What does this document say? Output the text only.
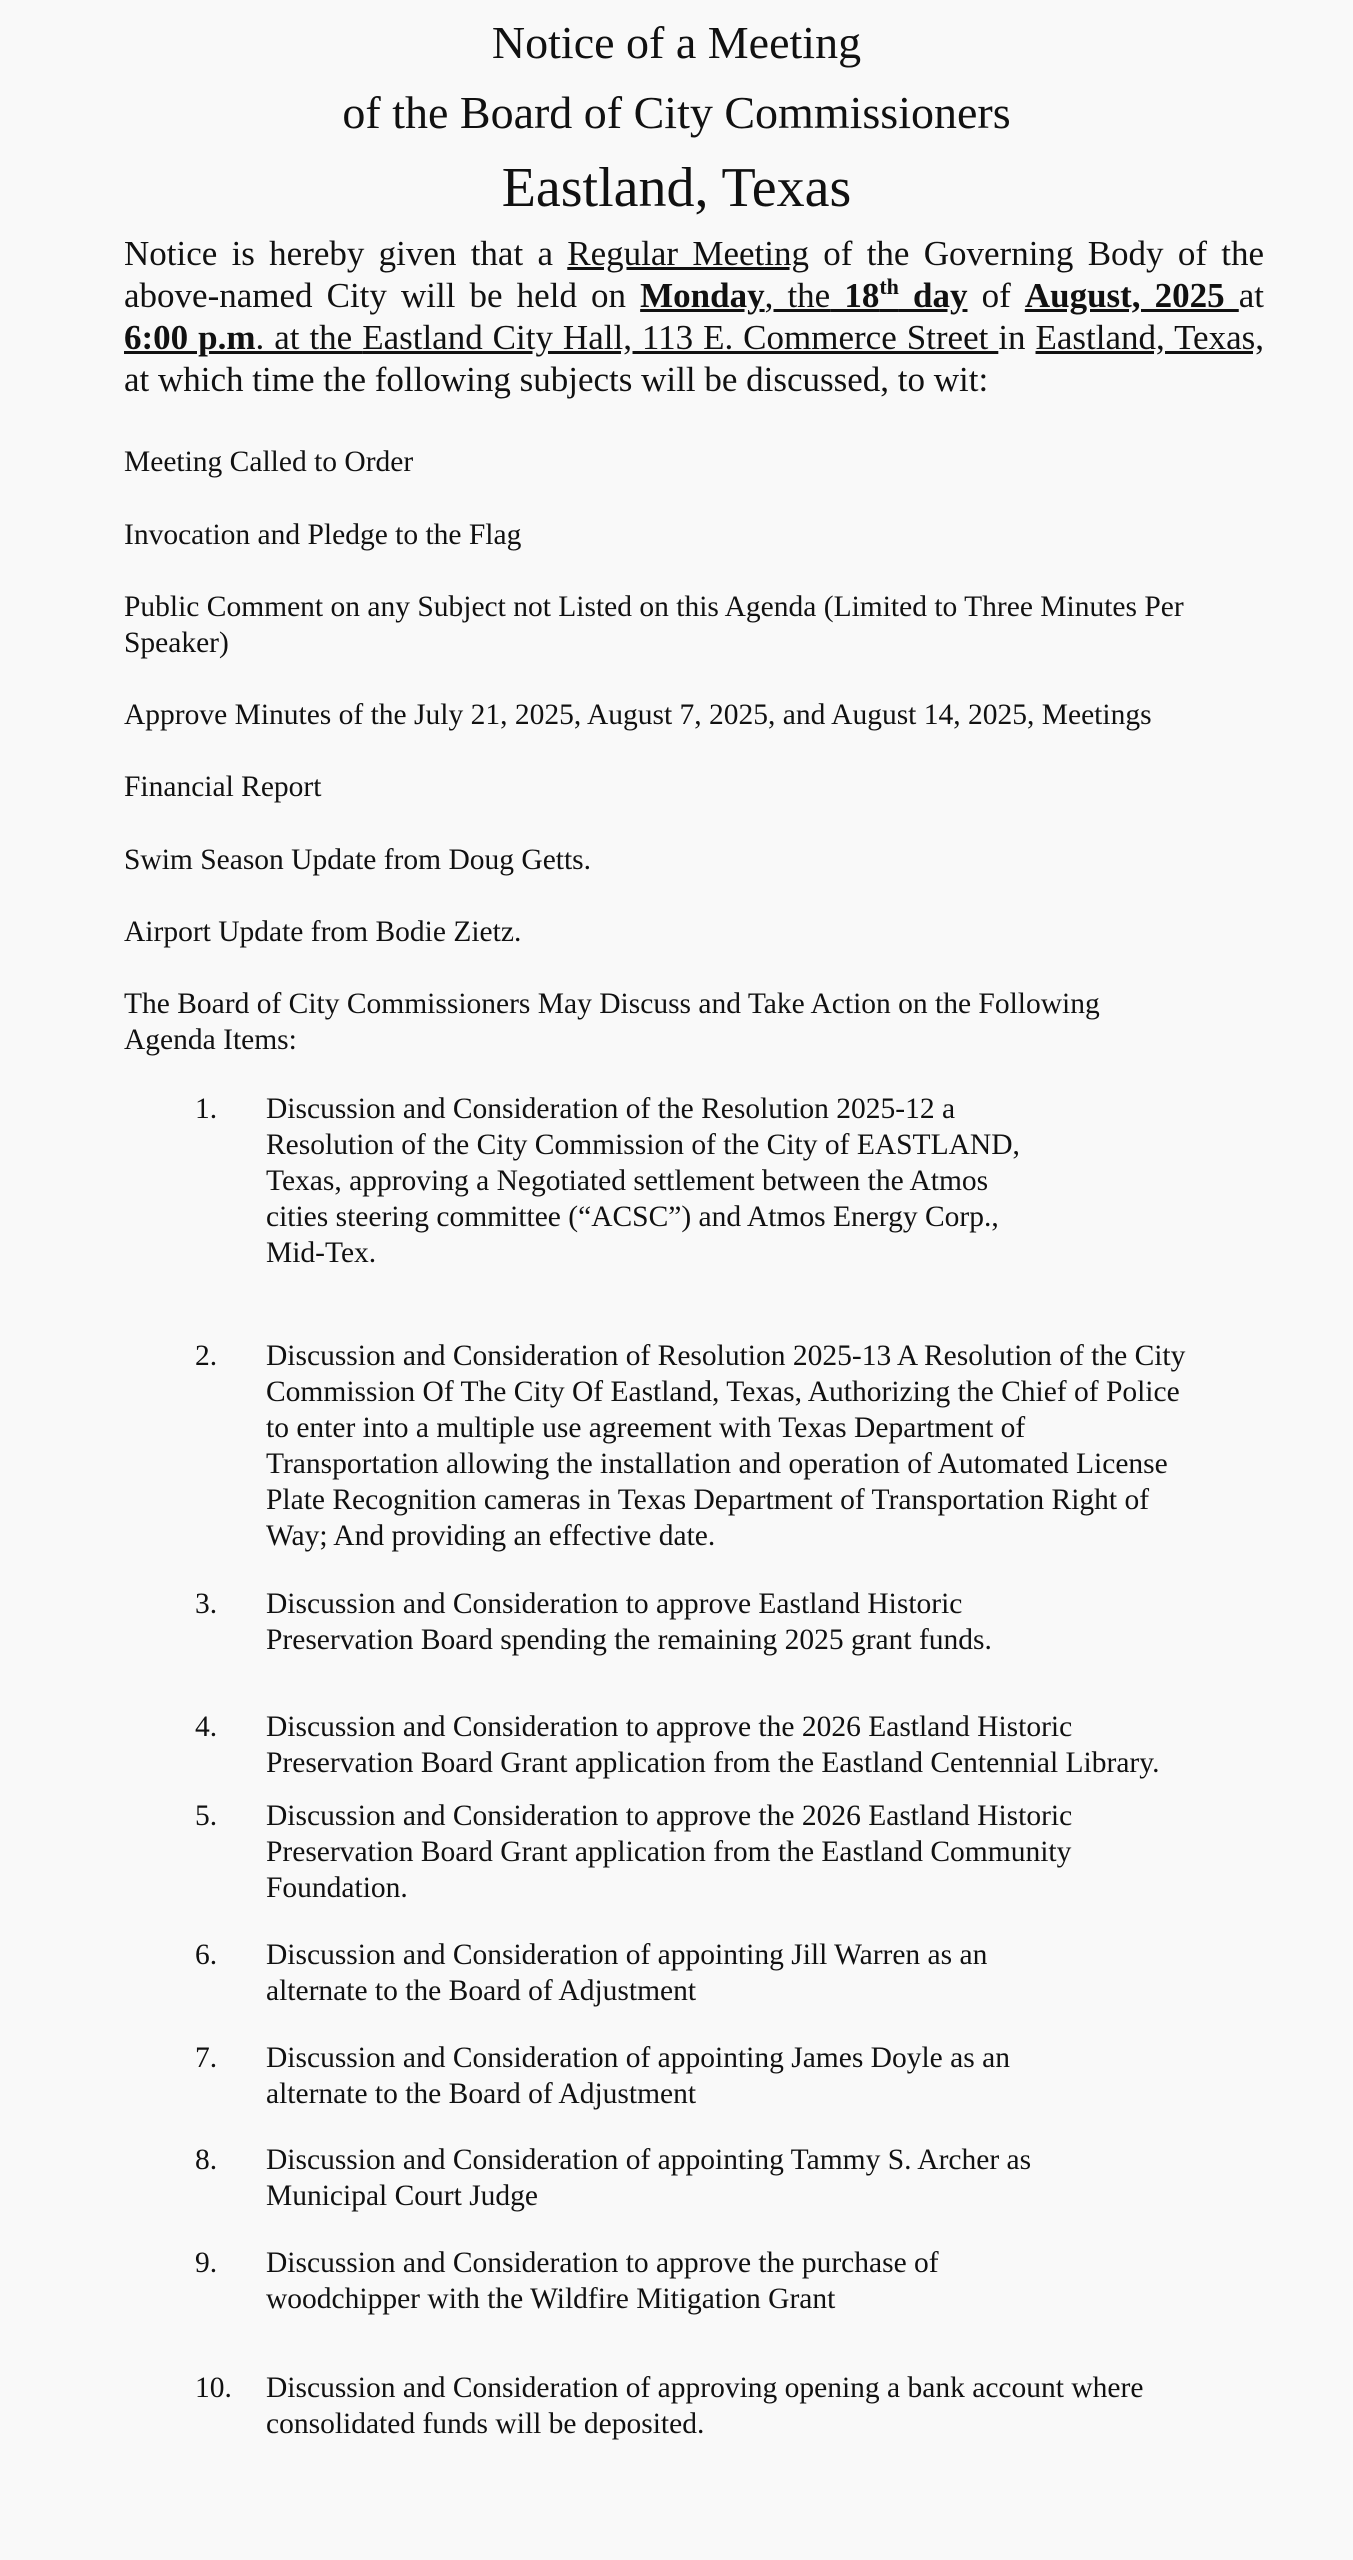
Notice of a Meeting
of the Board of City Commissioners
Eastland, Texas
Notice is hereby given that a Regular Meeting of the Governing Body of the above-named City will be held on Monday, the 18th day of August, 2025 at 6:00 p.m. at the Eastland City Hall, 113 E. Commerce Street in Eastland, Texas, at which time the following subjects will be discussed, to wit:
Meeting Called to Order
Invocation and Pledge to the Flag
Public Comment on any Subject not Listed on this Agenda (Limited to Three Minutes Per
Speaker)
Approve Minutes of the July 21, 2025, August 7, 2025, and August 14, 2025, Meetings
Financial Report
Swim Season Update from Doug Getts.
Airport Update from Bodie Zietz.
The Board of City Commissioners May Discuss and Take Action on the Following
Agenda Items:
1. Discussion and Consideration of the Resolution 2025-12 a
Resolution of the City Commission of the City of EASTLAND,
Texas, approving a Negotiated settlement between the Atmos
cities steering committee (“ACSC”) and Atmos Energy Corp.,
Mid-Tex.
2. Discussion and Consideration of Resolution 2025-13 A Resolution of the City
Commission Of The City Of Eastland, Texas, Authorizing the Chief of Police
to enter into a multiple use agreement with Texas Department of
Transportation allowing the installation and operation of Automated License
Plate Recognition cameras in Texas Department of Transportation Right of
Way; And providing an effective date.
3. Discussion and Consideration to approve Eastland Historic
Preservation Board spending the remaining 2025 grant funds.
4. Discussion and Consideration to approve the 2026 Eastland Historic
Preservation Board Grant application from the Eastland Centennial Library.
5. Discussion and Consideration to approve the 2026 Eastland Historic
Preservation Board Grant application from the Eastland Community
Foundation.
6. Discussion and Consideration of appointing Jill Warren as an
alternate to the Board of Adjustment
7. Discussion and Consideration of appointing James Doyle as an
alternate to the Board of Adjustment
8. Discussion and Consideration of appointing Tammy S. Archer as
Municipal Court Judge
9. Discussion and Consideration to approve the purchase of
woodchipper with the Wildfire Mitigation Grant
10. Discussion and Consideration of approving opening a bank account where
consolidated funds will be deposited.
